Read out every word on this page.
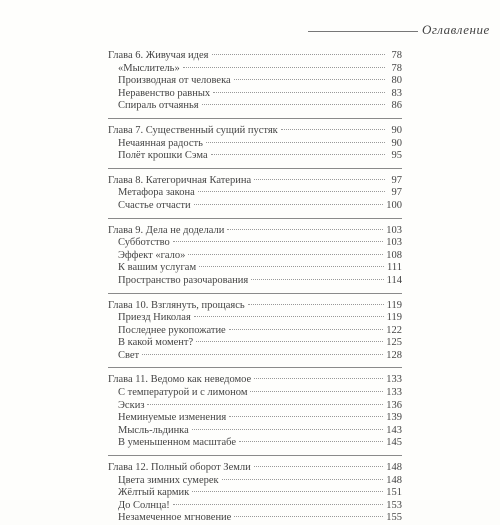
Оглавление
Глава 6. Живучая идея	78
«Мыслитель»	78
Производная от человека	80
Неравенство равных	83
Спираль отчаянья	86
Глава 7. Существенный сущий пустяк	90
Нечаянная радость	90
Полёт крошки Сэма	95
Глава 8. Категоричная Катерина	97
Метафора закона	97
Счастье отчасти	100
Глава 9. Дела не доделали	103
Субботство	103
Эффект «гало»	108
К вашим услугам	111
Пространство разочарования	114
Глава 10. Взглянуть, прощаясь	119
Приезд Николая	119
Последнее рукопожатие	122
В какой момент?	125
Свет	128
Глава 11. Ведомо как неведомое	133
С температурой и с лимоном	133
Эскиз	136
Неминуемые изменения	139
Мысль-льдинка	143
В уменьшенном масштабе	145
Глава 12. Полный оборот Земли	148
Цвета зимних сумерек	148
Жёлтый кармик	151
До Солнца!	153
Незамеченное мгновение	155
